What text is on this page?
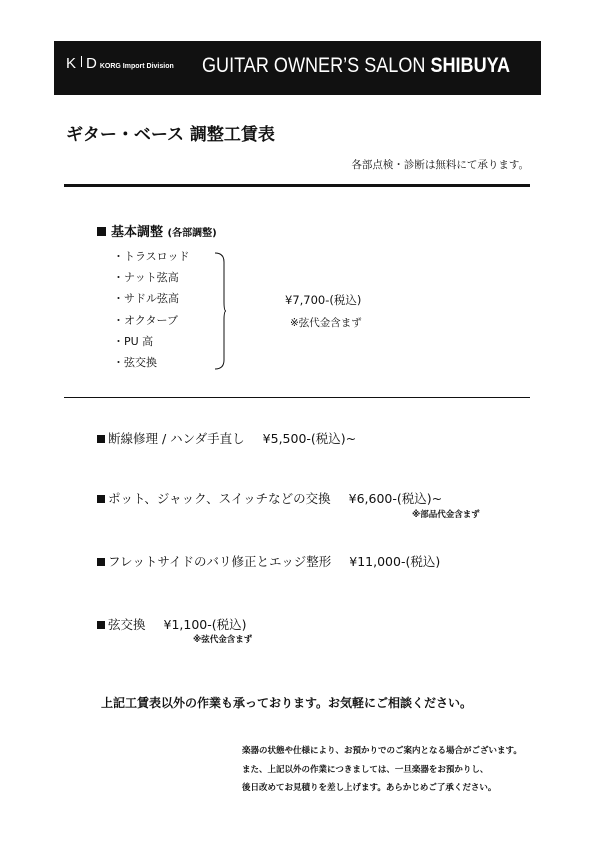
K D KORG Import Division GUITAR OWNER’S SALON SHIBUYA
ギター・ベース 調整工賃表
各部点検・診断は無料にて承ります。
基本調整 (各部調整)
・トラスロッド
・ナット弦高
・サドル弦高
・オクターブ
・PU 高
・弦交換
¥7,700-(税込)
※弦代金含まず
断線修理 / ハンダ手直し ¥5,500-(税込)~
ポット、ジャック、スイッチなどの交換 ¥6,600-(税込)~
※部品代金含まず
フレットサイドのバリ修正とエッジ整形 ¥11,000-(税込)
弦交換 ¥1,100-(税込)
※弦代金含まず
上記工賃表以外の作業も承っております。お気軽にご相談ください。
楽器の状態や仕様により、お預かりでのご案内となる場合がございます。
また、上記以外の作業につきましては、一旦楽器をお預かりし、
後日改めてお見積りを差し上げます。あらかじめご了承ください。
